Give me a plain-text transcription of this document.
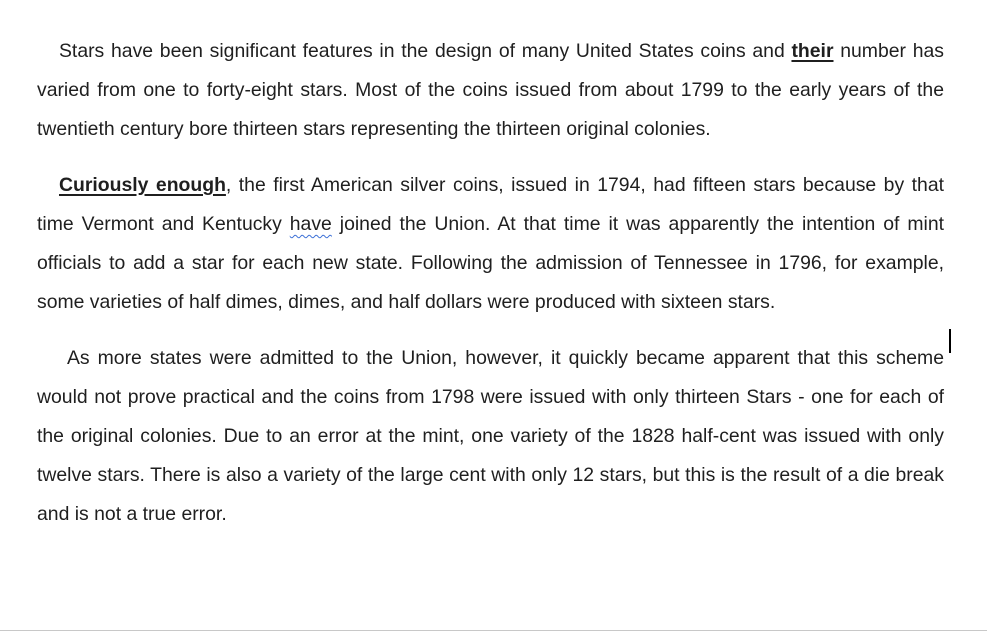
Stars have been significant features in the design of many United States coins and their number has varied from one to forty-eight stars. Most of the coins issued from about 1799 to the early years of the twentieth century bore thirteen stars representing the thirteen original colonies.

Curiously enough, the first American silver coins, issued in 1794, had fifteen stars because by that time Vermont and Kentucky have joined the Union. At that time it was apparently the intention of mint officials to add a star for each new state. Following the admission of Tennessee in 1796, for example, some varieties of half dimes, dimes, and half dollars were produced with sixteen stars.

As more states were admitted to the Union, however, it quickly became apparent that this scheme would not prove practical and the coins from 1798 were issued with only thirteen Stars - one for each of the original colonies. Due to an error at the mint, one variety of the 1828 half-cent was issued with only twelve stars. There is also a variety of the large cent with only 12 stars, but this is the result of a die break and is not a true error.
